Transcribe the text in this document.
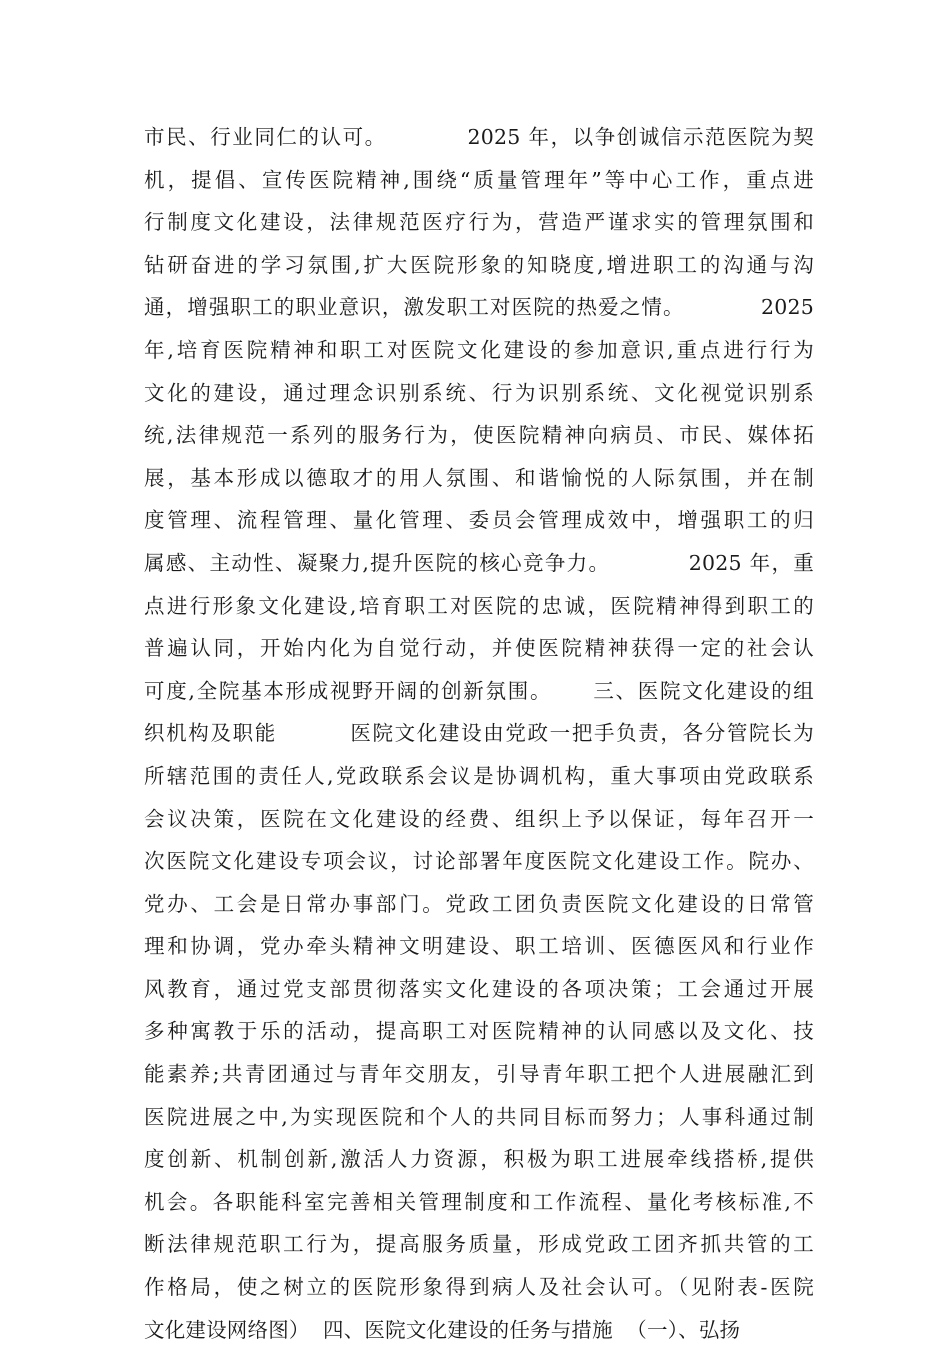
市民、行业同仁的认可。          2025 年，以争创诚信示范医院为契
机，提倡、宣传医院精神,围绕“质量管理年”等中心工作，重点进
行制度文化建设，法律规范医疗行为，营造严谨求实的管理氛围和
钻研奋进的学习氛围,扩大医院形象的知晓度,增进职工的沟通与沟
通，增强职工的职业意识，激发职工对医院的热爱之情。          2025
年,培育医院精神和职工对医院文化建设的参加意识,重点进行行为
文化的建设，通过理念识别系统、行为识别系统、文化视觉识别系
统,法律规范一系列的服务行为，使医院精神向病员、市民、媒体拓
展，基本形成以德取才的用人氛围、和谐愉悦的人际氛围，并在制
度管理、流程管理、量化管理、委员会管理成效中，增强职工的归
属感、主动性、凝聚力,提升医院的核心竞争力。          2025 年，重
点进行形象文化建设,培育职工对医院的忠诚，医院精神得到职工的
普遍认同，开始内化为自觉行动，并使医院精神获得一定的社会认
可度,全院基本形成视野开阔的创新氛围。     三、医院文化建设的组
织机构及职能         医院文化建设由党政一把手负责，各分管院长为
所辖范围的责任人,党政联系会议是协调机构，重大事项由党政联系
会议决策，医院在文化建设的经费、组织上予以保证，每年召开一
次医院文化建设专项会议，讨论部署年度医院文化建设工作。院办、
党办、工会是日常办事部门。党政工团负责医院文化建设的日常管
理和协调，党办牵头精神文明建设、职工培训、医德医风和行业作
风教育，通过党支部贯彻落实文化建设的各项决策；工会通过开展
多种寓教于乐的活动，提高职工对医院精神的认同感以及文化、技
能素养;共青团通过与青年交朋友，引导青年职工把个人进展融汇到
医院进展之中,为实现医院和个人的共同目标而努力；人事科通过制
度创新、机制创新,激活人力资源，积极为职工进展牵线搭桥,提供
机会。各职能科室完善相关管理制度和工作流程、量化考核标准,不
断法律规范职工行为，提高服务质量，形成党政工团齐抓共管的工
作格局，使之树立的医院形象得到病人及社会认可。（见附表-医院
文化建设网络图）  四、医院文化建设的任务与措施  （一）、弘扬
